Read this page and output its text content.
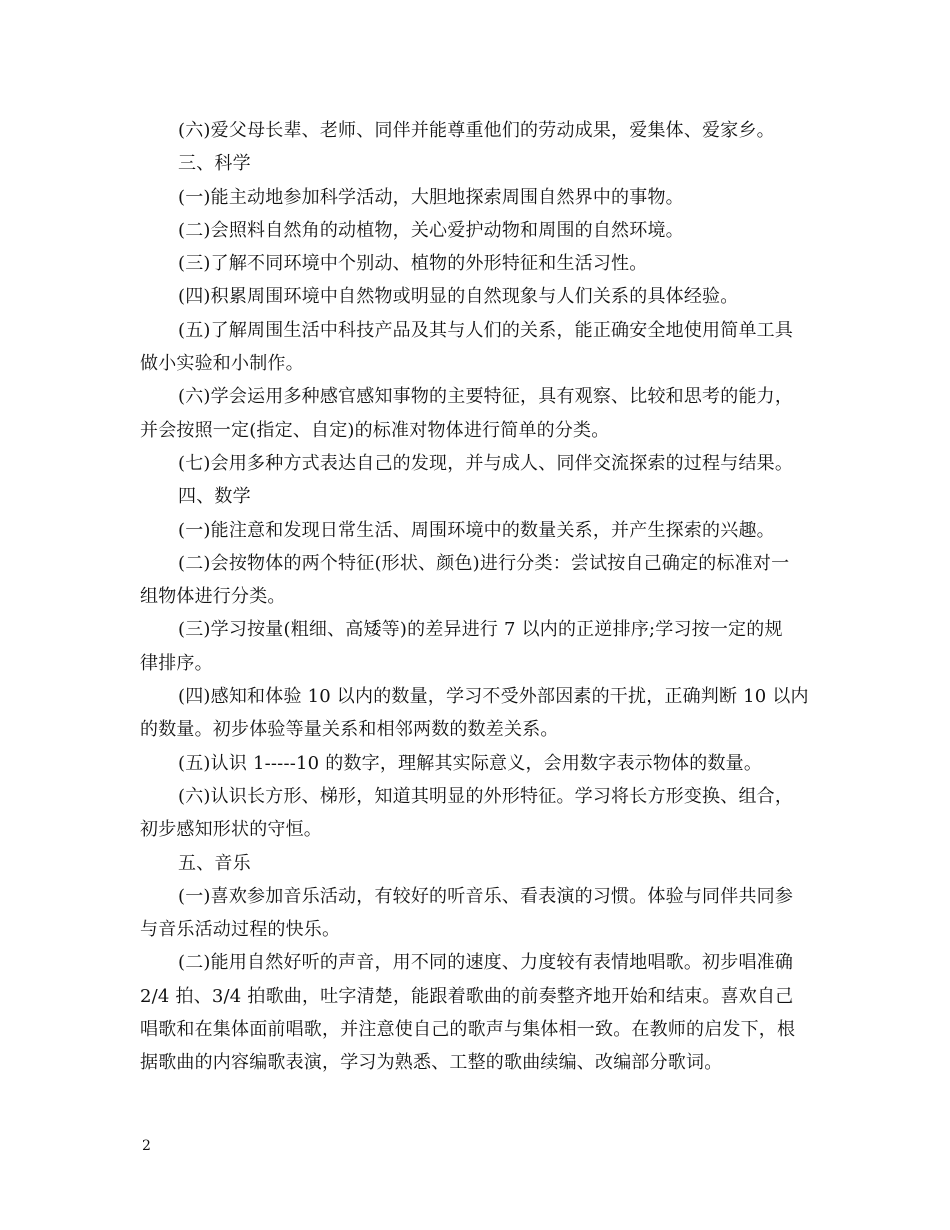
(六)爱父母长辈、老师、同伴并能尊重他们的劳动成果，爱集体、爱家乡。
三、科学
(一)能主动地参加科学活动，大胆地探索周围自然界中的事物。
(二)会照料自然角的动植物，关心爱护动物和周围的自然环境。
(三)了解不同环境中个别动、植物的外形特征和生活习性。
(四)积累周围环境中自然物或明显的自然现象与人们关系的具体经验。
(五)了解周围生活中科技产品及其与人们的关系，能正确安全地使用简单工具
做小实验和小制作。
(六)学会运用多种感官感知事物的主要特征，具有观察、比较和思考的能力，
并会按照一定(指定、自定)的标准对物体进行简单的分类。
(七)会用多种方式表达自己的发现，并与成人、同伴交流探索的过程与结果。
四、数学
(一)能注意和发现日常生活、周围环境中的数量关系，并产生探索的兴趣。
(二)会按物体的两个特征(形状、颜色)进行分类：尝试按自己确定的标准对一
组物体进行分类。
(三)学习按量(粗细、高矮等)的差异进行 7 以内的正逆排序;学习按一定的规
律排序。
(四)感知和体验 10 以内的数量，学习不受外部因素的干扰，正确判断 10 以内
的数量。初步体验等量关系和相邻两数的数差关系。
(五)认识 1-----10 的数字，理解其实际意义，会用数字表示物体的数量。
(六)认识长方形、梯形，知道其明显的外形特征。学习将长方形变换、组合，
初步感知形状的守恒。
五、音乐
(一)喜欢参加音乐活动，有较好的听音乐、看表演的习惯。体验与同伴共同参
与音乐活动过程的快乐。
(二)能用自然好听的声音，用不同的速度、力度较有表情地唱歌。初步唱准确
2/4 拍、3/4 拍歌曲，吐字清楚，能跟着歌曲的前奏整齐地开始和结束。喜欢自己
唱歌和在集体面前唱歌，并注意使自己的歌声与集体相一致。在教师的启发下，根
据歌曲的内容编歌表演，学习为熟悉、工整的歌曲续编、改编部分歌词。
2
